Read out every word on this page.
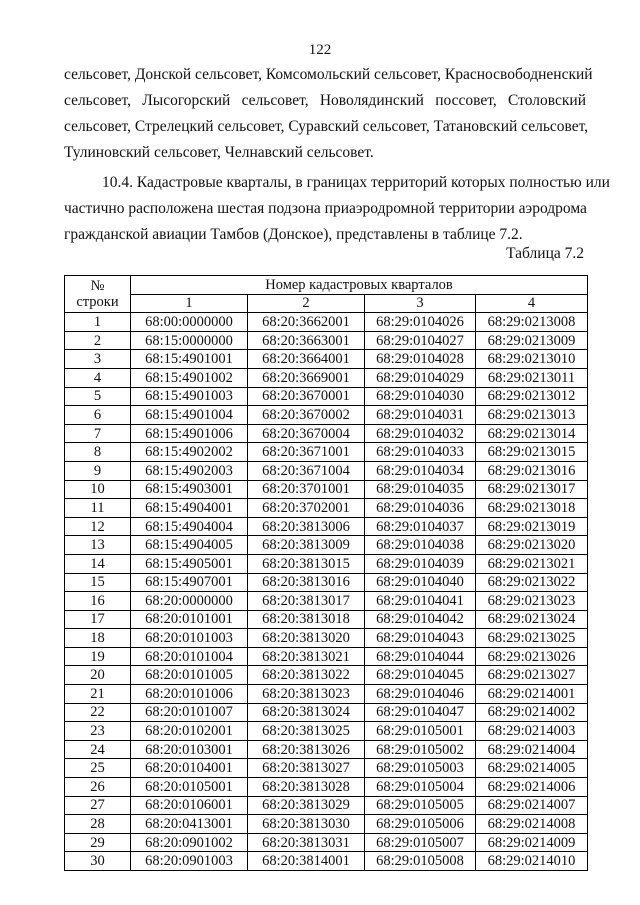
122
сельсовет, Донской сельсовет, Комсомольский сельсовет, Красносвободненский
сельсовет, Лысогорский сельсовет, Новолядинский поссовет, Столовский
сельсовет, Стрелецкий сельсовет, Суравский сельсовет, Татановский сельсовет,
Тулиновский сельсовет, Челнавский сельсовет.
10.4. Кадастровые кварталы, в границах территорий которых полностью или
частично расположена шестая подзона приаэродромной территории аэродрома
гражданской авиации Тамбов (Донское), представлены в таблице 7.2.
Таблица 7.2
№
строки	Номер кадастровых кварталов			
	1	2	3	4
1	68:00:0000000	68:20:3662001	68:29:0104026	68:29:0213008
2	68:15:0000000	68:20:3663001	68:29:0104027	68:29:0213009
3	68:15:4901001	68:20:3664001	68:29:0104028	68:29:0213010
4	68:15:4901002	68:20:3669001	68:29:0104029	68:29:0213011
5	68:15:4901003	68:20:3670001	68:29:0104030	68:29:0213012
6	68:15:4901004	68:20:3670002	68:29:0104031	68:29:0213013
7	68:15:4901006	68:20:3670004	68:29:0104032	68:29:0213014
8	68:15:4902002	68:20:3671001	68:29:0104033	68:29:0213015
9	68:15:4902003	68:20:3671004	68:29:0104034	68:29:0213016
10	68:15:4903001	68:20:3701001	68:29:0104035	68:29:0213017
11	68:15:4904001	68:20:3702001	68:29:0104036	68:29:0213018
12	68:15:4904004	68:20:3813006	68:29:0104037	68:29:0213019
13	68:15:4904005	68:20:3813009	68:29:0104038	68:29:0213020
14	68:15:4905001	68:20:3813015	68:29:0104039	68:29:0213021
15	68:15:4907001	68:20:3813016	68:29:0104040	68:29:0213022
16	68:20:0000000	68:20:3813017	68:29:0104041	68:29:0213023
17	68:20:0101001	68:20:3813018	68:29:0104042	68:29:0213024
18	68:20:0101003	68:20:3813020	68:29:0104043	68:29:0213025
19	68:20:0101004	68:20:3813021	68:29:0104044	68:29:0213026
20	68:20:0101005	68:20:3813022	68:29:0104045	68:29:0213027
21	68:20:0101006	68:20:3813023	68:29:0104046	68:29:0214001
22	68:20:0101007	68:20:3813024	68:29:0104047	68:29:0214002
23	68:20:0102001	68:20:3813025	68:29:0105001	68:29:0214003
24	68:20:0103001	68:20:3813026	68:29:0105002	68:29:0214004
25	68:20:0104001	68:20:3813027	68:29:0105003	68:29:0214005
26	68:20:0105001	68:20:3813028	68:29:0105004	68:29:0214006
27	68:20:0106001	68:20:3813029	68:29:0105005	68:29:0214007
28	68:20:0413001	68:20:3813030	68:29:0105006	68:29:0214008
29	68:20:0901002	68:20:3813031	68:29:0105007	68:29:0214009
30	68:20:0901003	68:20:3814001	68:29:0105008	68:29:0214010
